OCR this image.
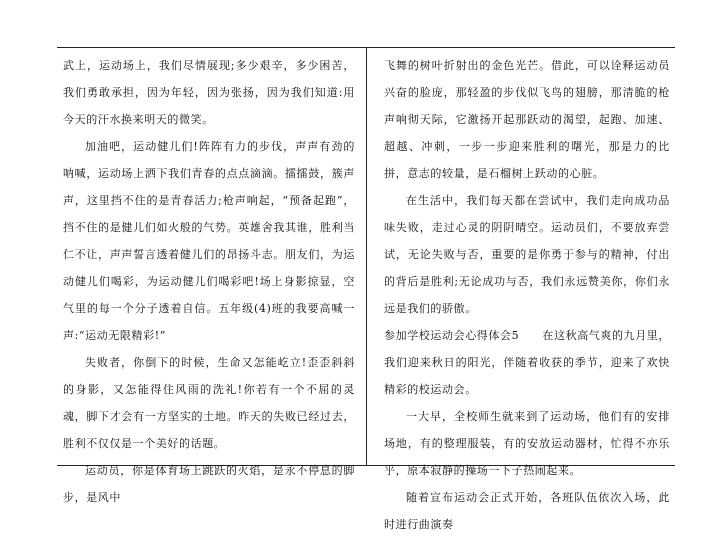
武上，运动场上，我们尽情展现;多少艰辛，多少困苦，我们勇敢承担，因为年轻，因为张扬，因为我们知道:用今天的汗水换来明天的微笑。

加油吧，运动健儿们!阵阵有力的步伐，声声有劲的呐喊，运动场上洒下我们青春的点点滴滴。擂擂鼓，簇声声，这里挡不住的是青春活力;枪声响起，“预备起跑”，挡不住的是健儿们如火般的气势。英雄舍我其谁，胜利当仁不让，声声誓言透着健儿们的昂扬斗志。朋友们，为运动健儿们喝彩，为运动健儿们喝彩吧!场上身影掠显，空气里的每一个分子透着自信。五年级(4)班的我要高喊一声:“运动无限精彩!”

失败者，你倒下的时候，生命又怎能屹立!歪歪斜斜的身影，又怎能得住风雨的洗礼!你若有一个不屈的灵魂，脚下才会有一方坚实的土地。昨天的失败已经过去，胜利不仅仅是一个美好的话题。

运动员，你是体育场上跳跃的火焰，是永不停息的脚步，是风中

飞舞的树叶折射出的金色光芒。借此，可以诠释运动员兴奋的脸庞，那轻盈的步伐似飞鸟的翅膀，那清脆的枪声响彻天际，它激扬开起那跃动的渴望，起跑、加速、超越、冲刺，一步一步迎来胜利的曙光，那是力的比拼，意志的较量，是石榴树上跃动的心脏。

在生活中，我们每天都在尝试中，我们走向成功品味失败，走过心灵的阴阴晴空。运动员们，不要放弃尝试，无论失败与否，重要的是你勇于参与的精神，付出的背后是胜利;无论成功与否，我们永远赞美你，你们永远是我们的骄傲。

参加学校运动会心得体会5　　在这秋高气爽的九月里，我们迎来秋日的阳光，伴随着收获的季节，迎来了欢快精彩的校运动会。

一大早，全校师生就来到了运动场，他们有的安排场地，有的整理服装，有的安放运动器材，忙得不亦乐乎，原本寂静的操场一下子热闹起来。

随着宣布运动会正式开始，各班队伍依次入场，此时进行曲演奏
